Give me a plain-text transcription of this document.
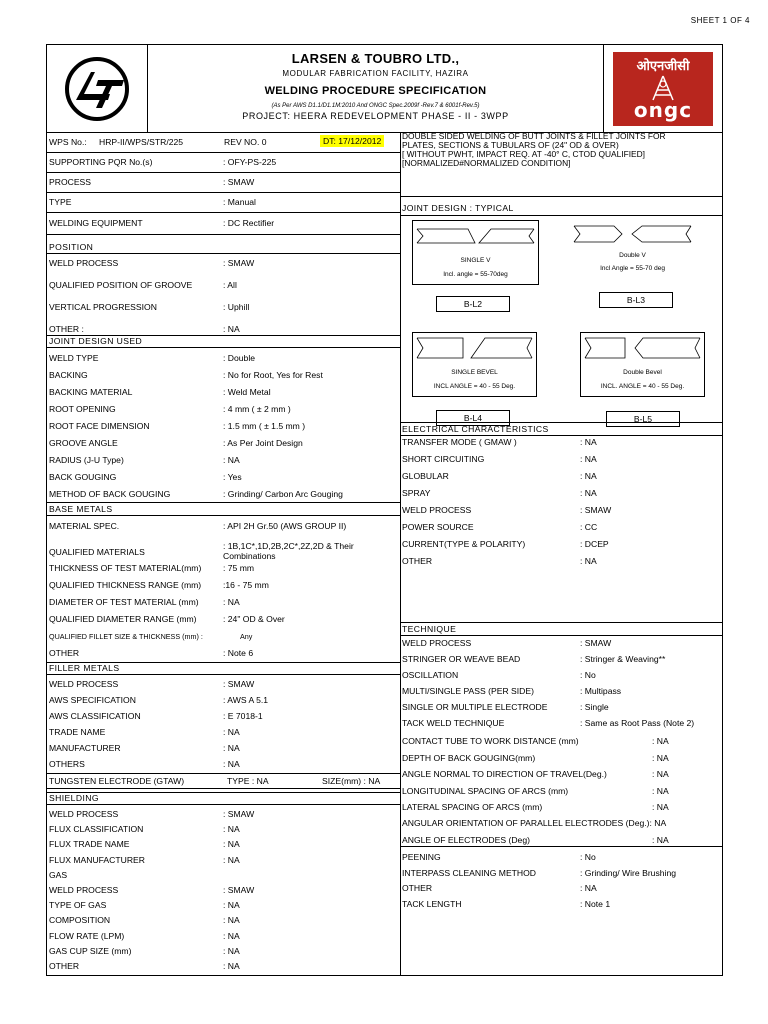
SHEET 1 OF 4
LARSEN & TOUBRO LTD.,
MODULAR FABRICATION FACILITY, HAZIRA
WELDING PROCEDURE SPECIFICATION
(As Per AWS D1.1/D1.1M:2010 And ONGC Spec.2009f -Rev.7 & 6001f-Rev.5)
PROJECT: HEERA REDEVELOPMENT PHASE - II - 3WPP
ओएनजीसी
ongc
WPS No.: HRP-II/WPS/STR/225	REV NO. 0	DT: 17/12/2012
SUPPORTING PQR No.(s)	: OFY-PS-225
PROCESS	: SMAW
TYPE	: Manual
WELDING EQUIPMENT	: DC Rectifier
POSITION
WELD PROCESS	: SMAW
QUALIFIED POSITION OF GROOVE	: All
VERTICAL PROGRESSION	: Uphill
OTHER :	: NA
JOINT DESIGN USED
WELD TYPE	: Double
BACKING	: No for Root, Yes for Rest
BACKING MATERIAL	: Weld Metal
ROOT OPENING	: 4 mm ( ± 2 mm )
ROOT FACE DIMENSION	: 1.5 mm ( ± 1.5 mm )
GROOVE ANGLE	: As Per Joint Design
RADIUS (J-U Type)	: NA
BACK GOUGING	: Yes
METHOD OF BACK GOUGING	: Grinding/ Carbon Arc Gouging
BASE METALS
MATERIAL SPEC.	: API 2H Gr.50 (AWS GROUP II)
QUALIFIED MATERIALS
: 1B,1C*,1D,2B,2C*,2Z,2D & Their
Combinations
THICKNESS OF TEST MATERIAL(mm)	: 75 mm
QUALIFIED THICKNESS RANGE (mm)	:16 - 75 mm
DIAMETER OF TEST MATERIAL (mm)	: NA
QUALIFIED DIAMETER RANGE (mm)	: 24" OD & Over
QUALIFIED FILLET SIZE & THICKNESS (mm) :	Any
OTHER	: Note 6
FILLER METALS
WELD PROCESS	: SMAW
AWS SPECIFICATION	: AWS A 5.1
AWS CLASSIFICATION	: E 7018-1
TRADE NAME	: NA
MANUFACTURER	: NA
OTHERS	: NA
TUNGSTEN ELECTRODE (GTAW)	TYPE : NA	SIZE(mm) : NA
SHIELDING
WELD PROCESS	: SMAW
FLUX CLASSIFICATION	: NA
FLUX TRADE NAME	: NA
FLUX MANUFACTURER	: NA
GAS
WELD PROCESS	: SMAW
TYPE OF GAS	: NA
COMPOSITION	: NA
FLOW RATE (LPM)	: NA
GAS CUP SIZE (mm)	: NA
OTHER	: NA
DOUBLE SIDED WELDING OF BUTT JOINTS & FILLET JOINTS FOR
PLATES, SECTIONS & TUBULARS OF (24" OD & OVER)
[ WITHOUT PWHT, IMPACT REQ. AT -40° C, CTOD QUALIFIED]
[NORMALIZED#NORMALIZED CONDITION]
JOINT DESIGN : TYPICAL
SINGLE V
Incl. angle = 55-70deg
B-L2
Double V
Incl Angle = 55-70 deg
B-L3
SINGLE BEVEL
INCL ANGLE = 40 - 55 Deg.
B-L4
Double Bevel
INCL. ANGLE = 40 - 55 Deg.
B-L5
ELECTRICAL CHARACTERISTICS
TRANSFER MODE ( GMAW )	: NA
SHORT CIRCUITING	: NA
GLOBULAR	: NA
SPRAY	: NA
WELD PROCESS	: SMAW
POWER SOURCE	: CC
CURRENT(TYPE & POLARITY)	: DCEP
OTHER	: NA
TECHNIQUE
WELD PROCESS	: SMAW
STRINGER OR WEAVE BEAD	: Stringer & Weaving**
OSCILLATION	: No
MULTI/SINGLE PASS (PER SIDE)	: Multipass
SINGLE OR MULTIPLE ELECTRODE	: Single
TACK WELD TECHNIQUE	: Same as Root Pass (Note 2)
CONTACT TUBE TO WORK DISTANCE (mm)	: NA
DEPTH OF BACK GOUGING(mm)	: NA
ANGLE NORMAL TO DIRECTION OF TRAVEL(Deg.)	: NA
LONGITUDINAL SPACING OF ARCS (mm)	: NA
LATERAL SPACING OF ARCS (mm)	: NA
ANGULAR ORIENTATION OF PARALLEL ELECTRODES (Deg.): NA
ANGLE OF ELECTRODES (Deg)	: NA
PEENING	: No
INTERPASS CLEANING METHOD	: Grinding/ Wire Brushing
OTHER	: NA
TACK LENGTH	: Note 1
